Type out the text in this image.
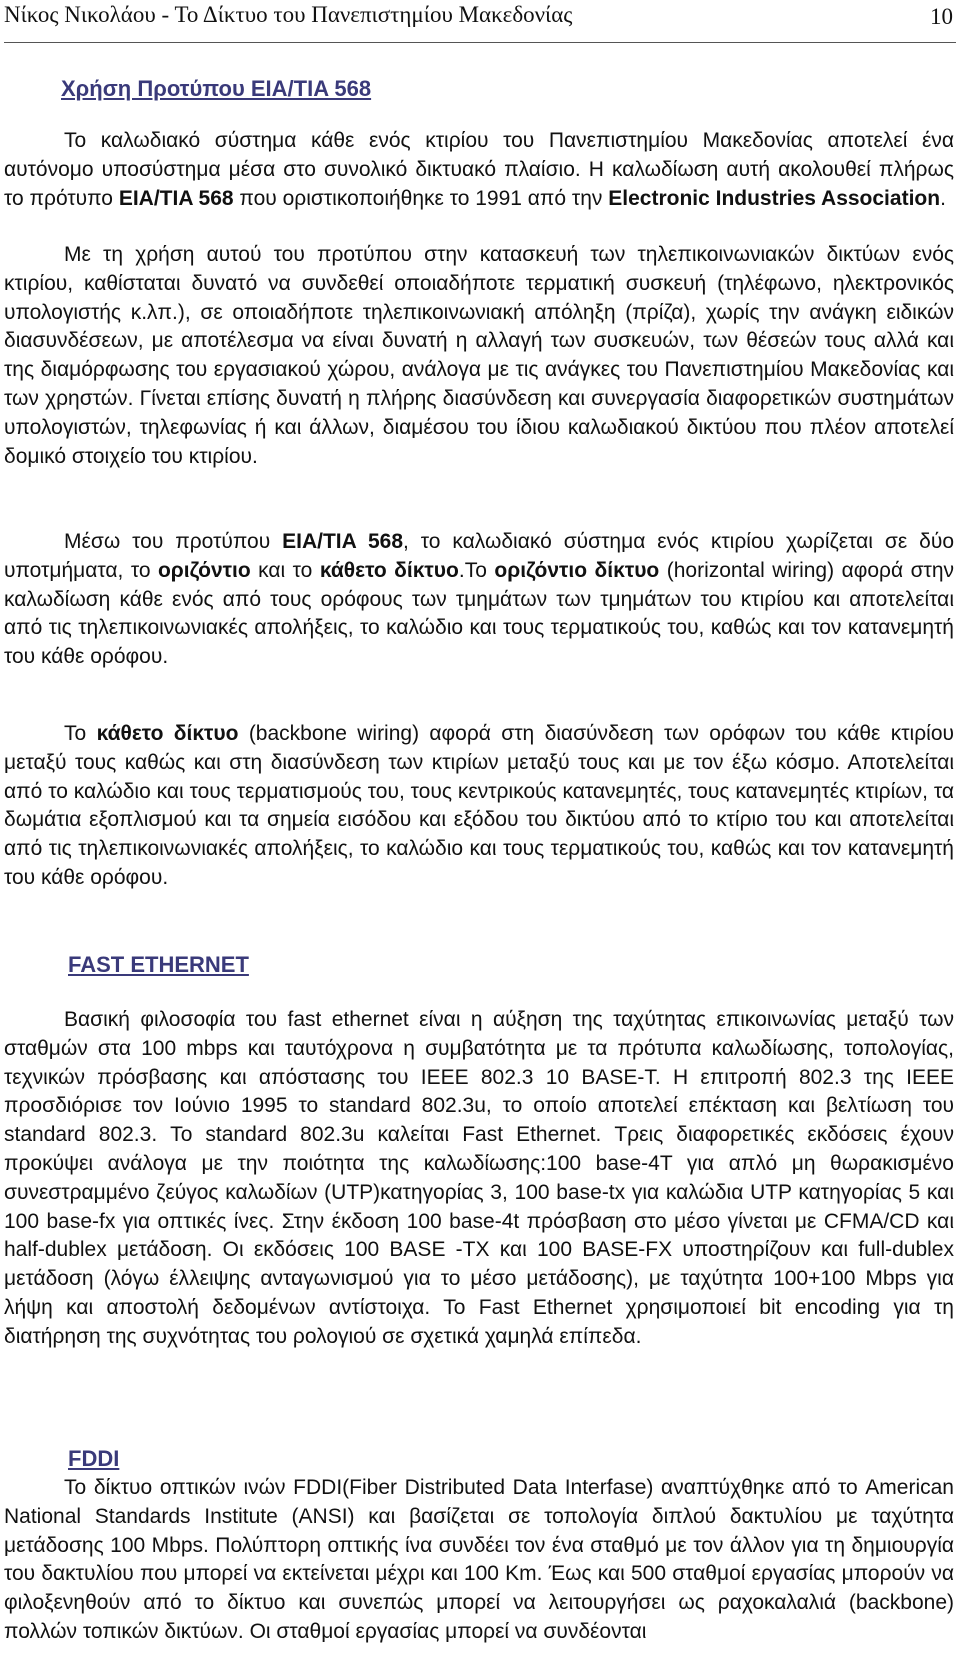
Νίκος Νικολάου - Το Δίκτυο του Πανεπιστημίου Μακεδονίας	10
Χρήση Προτύπου EIA/TIA 568

Το καλωδιακό σύστημα κάθε ενός κτιρίου του Πανεπιστημίου Μακεδονίας αποτελεί ένα αυτόνομο υποσύστημα μέσα στο συνολικό δικτυακό πλαίσιο. Η καλωδίωση αυτή ακολουθεί πλήρως το πρότυπο EIA/TIA 568 που οριστικοποιήθηκε το 1991 από την Electronic Industries Association.

Με τη χρήση αυτού του προτύπου στην κατασκευή των τηλεπικοινωνιακών δικτύων ενός κτιρίου, καθίσταται δυνατό να συνδεθεί οποιαδήποτε τερματική συσκευή (τηλέφωνο, ηλεκτρονικός υπολογιστής κ.λπ.), σε οποιαδήποτε τηλεπικοινωνιακή απόληξη (πρίζα), χωρίς την ανάγκη ειδικών διασυνδέσεων, με αποτέλεσμα να είναι δυνατή η αλλαγή των συσκευών, των θέσεών τους αλλά και της διαμόρφωσης του εργασιακού χώρου, ανάλογα με τις ανάγκες του Πανεπιστημίου Μακεδονίας και των χρηστών. Γίνεται επίσης δυνατή η πλήρης διασύνδεση και συνεργασία διαφορετικών συστημάτων υπολογιστών, τηλεφωνίας ή και άλλων, διαμέσου του ίδιου καλωδιακού δικτύου που πλέον αποτελεί δομικό στοιχείο του κτιρίου.

Μέσω του προτύπου EIA/TIA 568, το καλωδιακό σύστημα ενός κτιρίου χωρίζεται σε δύο υποτμήματα, το οριζόντιο και το κάθετο δίκτυο.Το οριζόντιο δίκτυο (horizontal wiring) αφορά στην καλωδίωση κάθε ενός από τους ορόφους των τμημάτων των τμημάτων του κτιρίου και αποτελείται από τις τηλεπικοινωνιακές απολήξεις, το καλώδιο και τους τερματικούς του, καθώς και τον κατανεμητή του κάθε ορόφου.

Το κάθετο δίκτυο (backbone wiring) αφορά στη διασύνδεση των ορόφων του κάθε κτιρίου μεταξύ τους καθώς και στη διασύνδεση των κτιρίων μεταξύ τους και με τον έξω κόσμο. Αποτελείται από το καλώδιο και τους τερματισμούς του, τους κεντρικούς κατανεμητές, τους κατανεμητές κτιρίων, τα δωμάτια εξοπλισμού και τα σημεία εισόδου και εξόδου του δικτύου από το κτίριο του και αποτελείται από τις τηλεπικοινωνιακές απολήξεις, το καλώδιο και τους τερματικούς του, καθώς και τον κατανεμητή του κάθε ορόφου.

FAST ETHERNET

Βασική φιλοσοφία του fast ethernet είναι η αύξηση της ταχύτητας επικοινωνίας μεταξύ των σταθμών στα 100 mbps και ταυτόχρονα η συμβατότητα με τα πρότυπα καλωδίωσης, τοπολογίας, τεχνικών πρόσβασης και απόστασης του IEEE 802.3 10 BASE-T. Η επιτροπή 802.3 της IEEE προσδιόρισε τον Ιούνιο 1995 το standard 802.3u, το οποίο αποτελεί επέκταση και βελτίωση του standard 802.3. Το standard 802.3u καλείται Fast Ethernet. Τρεις διαφορετικές εκδόσεις έχουν προκύψει ανάλογα με την ποιότητα της καλωδίωσης:100 base-4T για απλό μη θωρακισμένο συνεστραμμένο ζεύγος καλωδίων (UTP)κατηγορίας 3, 100 base-tx για καλώδια UTP κατηγορίας 5 και 100 base-fx για οπτικές ίνες. Στην έκδοση 100 base-4t πρόσβαση στο μέσο γίνεται με CFMA/CD και half-dublex μετάδοση. Οι εκδόσεις 100 BASE -TX και 100 BASE-FX υποστηρίζουν και full-dublex μετάδοση (λόγω έλλειψης ανταγωνισμού για το μέσο μετάδοσης), με ταχύτητα 100+100 Mbps για λήψη και αποστολή δεδομένων αντίστοιχα. Το Fast Ethernet χρησιμοποιεί bit encoding για τη διατήρηση της συχνότητας του ρολογιού σε σχετικά χαμηλά επίπεδα.

FDDI

Το δίκτυο οπτικών ινών FDDI(Fiber Distributed Data Interfase) αναπτύχθηκε από το American National Standards Institute (ANSI) και βασίζεται σε τοπολογία διπλού δακτυλίου με ταχύτητα μετάδοσης 100 Mbps. Πολύπτορη οπτικής ίνα συνδέει τον ένα σταθμό με τον άλλον για τη δημιουργία του δακτυλίου που μπορεί να εκτείνεται μέχρι και 100 Km. Έως και 500 σταθμοί εργασίας μπορούν να φιλοξενηθούν από το δίκτυο και συνεπώς μπορεί να λειτουργήσει ως ραχοκαλαλιά (backbone) πολλών τοπικών δικτύων. Οι σταθμοί εργασίας μπορεί να συνδέονται
